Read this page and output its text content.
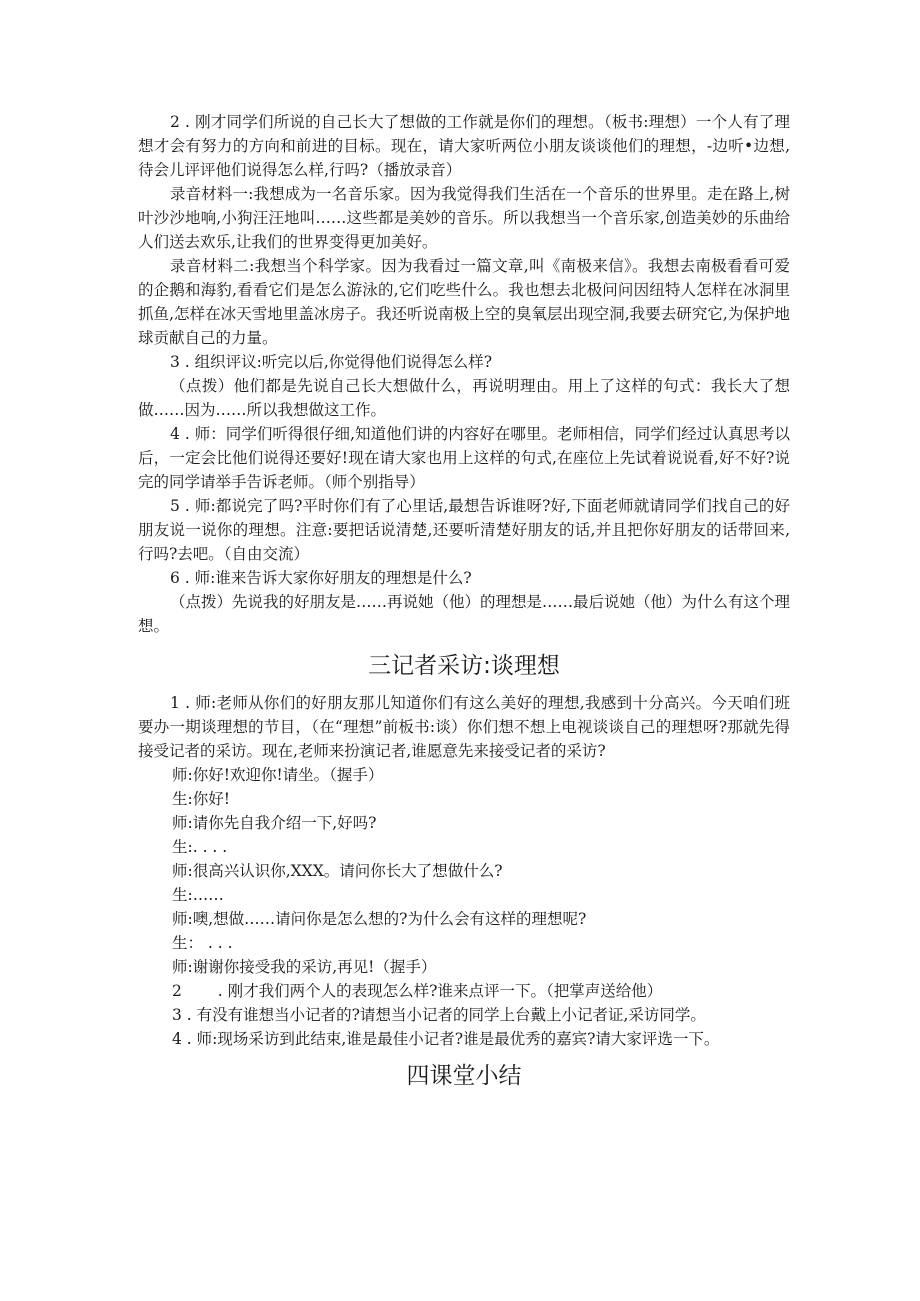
2 . 刚才同学们所说的自己长大了想做的工作就是你们的理想。（板书:理想）一个人有了理想才会有努力的方向和前进的目标。现在，请大家听两位小朋友谈谈他们的理想，-边听•边想,待会儿评评他们说得怎么样,行吗?（播放录音）

录音材料一:我想成为一名音乐家。因为我觉得我们生活在一个音乐的世界里。走在路上,树叶沙沙地响,小狗汪汪地叫……这些都是美妙的音乐。所以我想当一个音乐家,创造美妙的乐曲给人们送去欢乐,让我们的世界变得更加美好。

录音材料二:我想当个科学家。因为我看过一篇文章,叫《南极来信》。我想去南极看看可爱的企鹅和海豹,看看它们是怎么游泳的,它们吃些什么。我也想去北极问问因纽特人怎样在冰洞里抓鱼,怎样在冰天雪地里盖冰房子。我还听说南极上空的臭氧层出现空洞,我要去研究它,为保护地球贡献自己的力量。

3 . 组织评议:听完以后,你觉得他们说得怎么样?

（点拨）他们都是先说自己长大想做什么，再说明理由。用上了这样的句式：我长大了想做……因为……所以我想做这工作。

4 . 师：同学们听得很仔细,知道他们讲的内容好在哪里。老师相信，同学们经过认真思考以后，一定会比他们说得还要好!现在请大家也用上这样的句式,在座位上先试着说说看,好不好?说完的同学请举手告诉老师。（师个别指导）

5 . 师:都说完了吗?平时你们有了心里话,最想告诉谁呀?好,下面老师就请同学们找自己的好朋友说一说你的理想。注意:要把话说清楚,还要听清楚好朋友的话,并且把你好朋友的话带回来,行吗?去吧。（自由交流）

6 . 师:谁来告诉大家你好朋友的理想是什么?

（点拨）先说我的好朋友是……再说她（他）的理想是……最后说她（他）为什么有这个理想。

三记者采访:谈理想

1 . 师:老师从你们的好朋友那儿知道你们有这么美好的理想,我感到十分高兴。今天咱们班要办一期谈理想的节目，（在“理想”前板书:谈）你们想不想上电视谈谈自己的理想呀?那就先得接受记者的采访。现在,老师来扮演记者,谁愿意先来接受记者的采访?

师:你好!欢迎你!请坐。（握手）

生:你好!

师:请你先自我介绍一下,好吗?

生:. . . .

师:很高兴认识你,XXX。请问你长大了想做什么?

生:……

师:噢,想做……请问你是怎么想的?为什么会有这样的理想呢?

生： . . .

师:谢谢你接受我的采访,再见!（握手）

2 　　. 刚才我们两个人的表现怎么样?谁来点评一下。（把掌声送给他）

3 . 有没有谁想当小记者的?请想当小记者的同学上台戴上小记者证,采访同学。

4 . 师:现场采访到此结束,谁是最佳小记者?谁是最优秀的嘉宾?请大家评选一下。

四课堂小结
